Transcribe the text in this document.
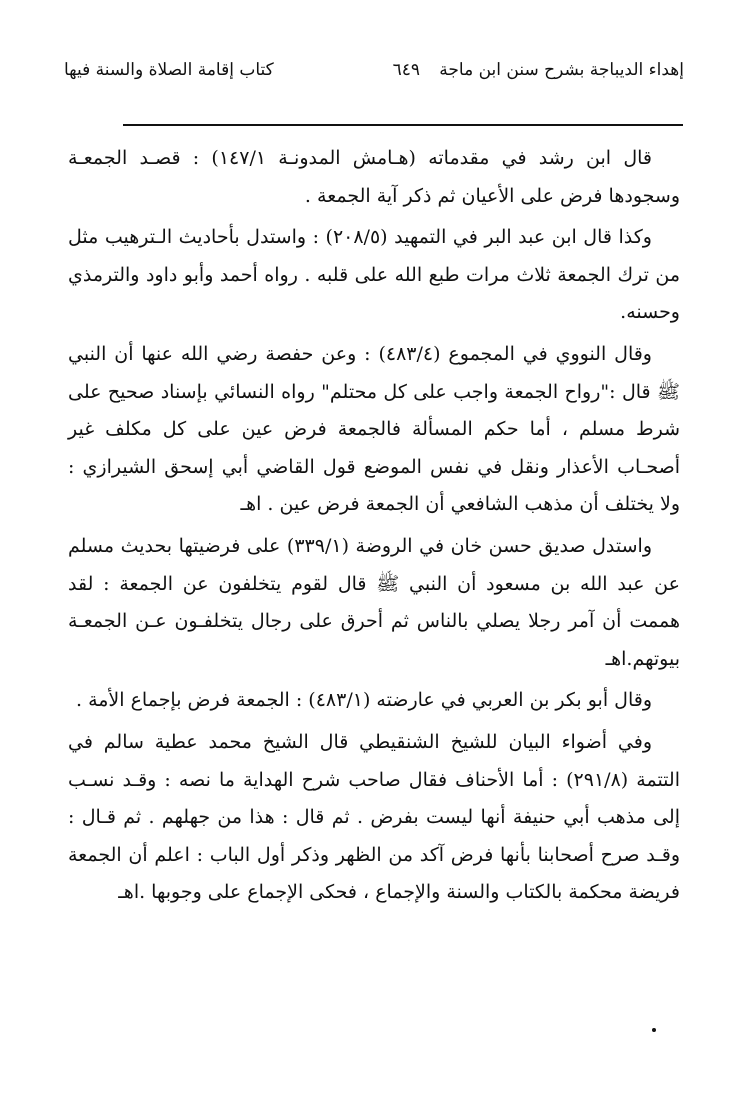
إهداء الديباجة بشرح سنن ابن ماجة
٦٤٩
كتاب إقامة الصلاة والسنة فيها

قال ابن رشد في مقدماته (هـامش المدونـة ١٤٧/١) : قصـد الجمعـة وسجودها فرض على الأعيان ثم ذكر آية الجمعة .

وكذا قال ابن عبد البر في التمهيد (٢٠٨/٥) : واستدل بأحاديث الـترهيب مثل من ترك الجمعة ثلاث مرات طبع الله على قلبه . رواه أحمد وأبو داود والترمذي وحسنه.

وقال النووي في المجموع (٤٨٣/٤) : وعن حفصة رضي الله عنها أن النبي ﷺ قال :"رواح الجمعة واجب على كل محتلم" رواه النسائي بإسناد صحيح على شرط مسلم ، أما حكم المسألة فالجمعة فرض عين على كل مكلف غير أصحـاب الأعذار ونقل في نفس الموضع قول القاضي أبي إسحق الشيرازي : ولا يختلف أن مذهب الشافعي أن الجمعة فرض عين . اهـ

واستدل صديق حسن خان في الروضة (٣٣٩/١) على فرضيتها بحديث مسلم عن عبد الله بن مسعود أن النبي ﷺ قال لقوم يتخلفون عن الجمعة : لقد هممت أن آمر رجلا يصلي بالناس ثم أحرق على رجال يتخلفـون عـن الجمعـة بيوتهم.اهـ

وقال أبو بكر بن العربي في عارضته (٤٨٣/١) : الجمعة فرض بإجماع الأمة .

وفي أضواء البيان للشيخ الشنقيطي قال الشيخ محمد عطية سالم في التتمة (٢٩١/٨) : أما الأحناف فقال صاحب شرح الهداية ما نصه : وقـد نسـب إلى مذهب أبي حنيفة أنها ليست بفرض . ثم قال : هذا من جهلهم . ثم قـال : وقـد صرح أصحابنا بأنها فرض آكد من الظهر وذكر أول الباب : اعلم أن الجمعة فريضة محكمة بالكتاب والسنة والإجماع ، فحكى الإجماع على وجوبها .اهـ
